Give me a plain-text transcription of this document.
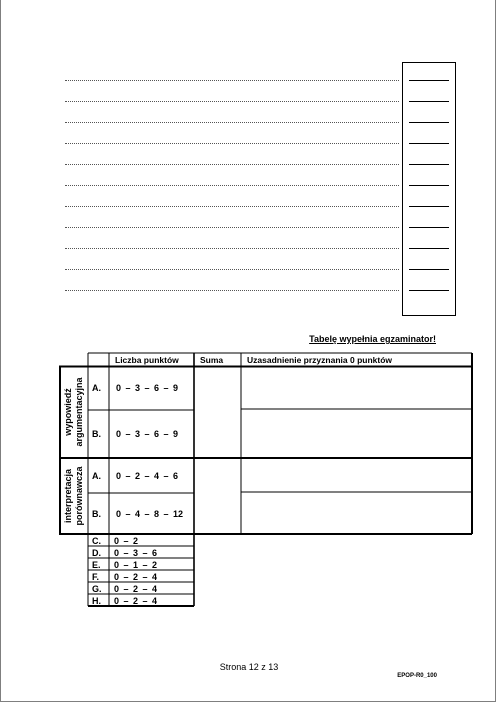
Tabelę wypełnia egzaminator!
Liczba punktów	Suma	Uzasadnienie przyznania 0 punktów
wypowiedź argumentacyjna
interpretacja porównawcza
A. 0 – 3 – 6 – 9
B. 0 – 3 – 6 – 9
A. 0 – 2 – 4 – 6
B. 0 – 4 – 8 – 12
C. 0 – 2
D. 0 – 3 – 6
E. 0 – 1 – 2
F. 0 – 2 – 4
G. 0 – 2 – 4
H. 0 – 2 – 4
Strona 12 z 13
EPOP-R0_100
